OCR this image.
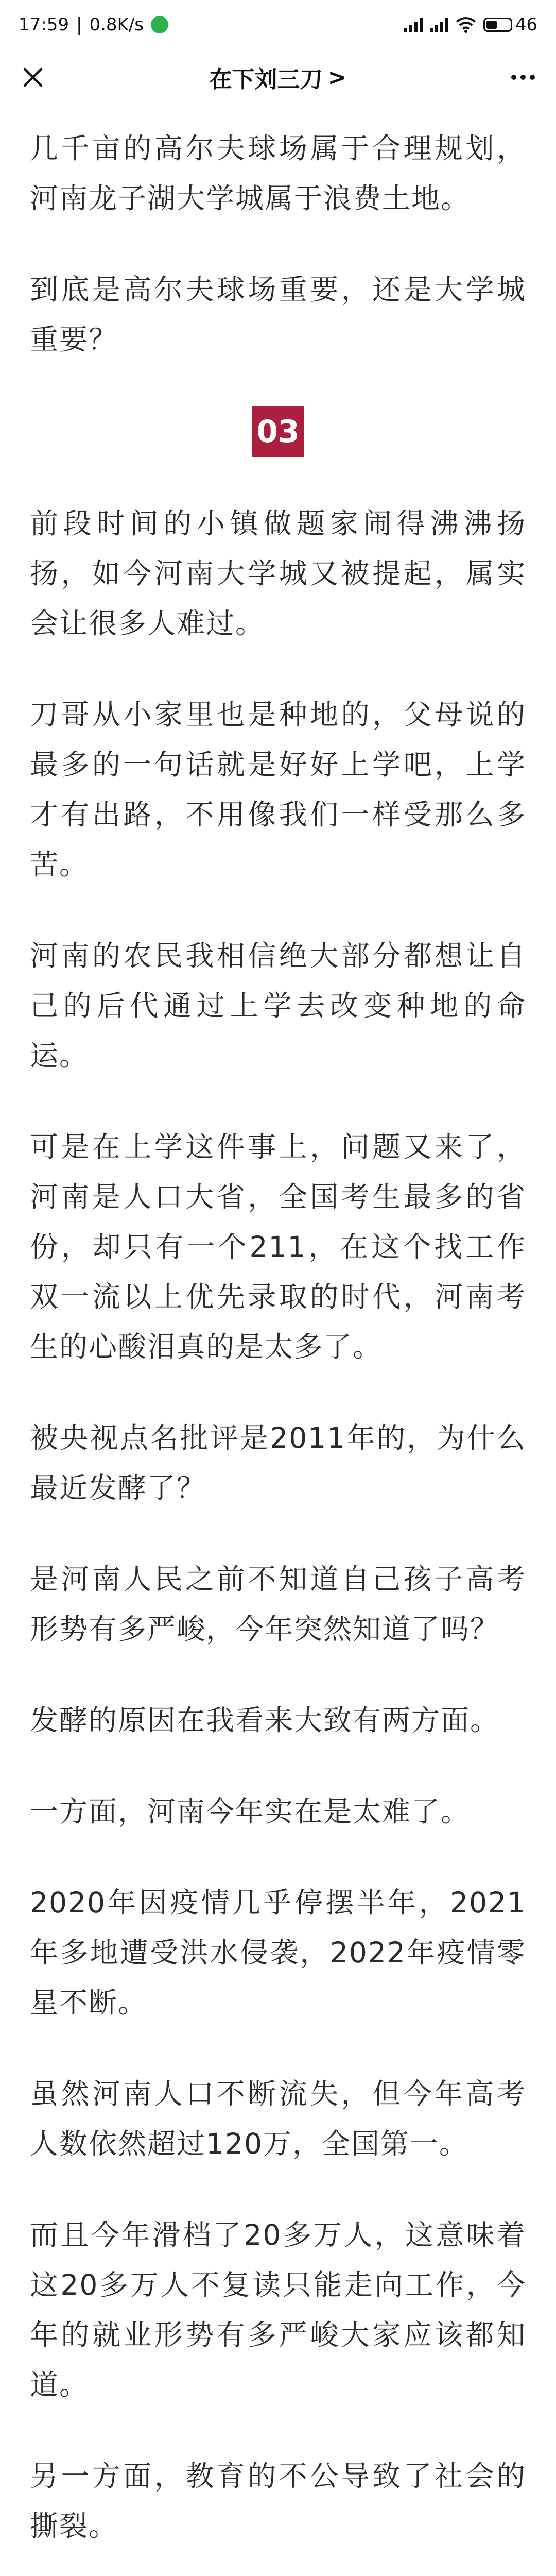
17:59 | 0.8K/s	46
在下刘三刀 >

几千亩的高尔夫球场属于合理规划，河南龙子湖大学城属于浪费土地。

到底是高尔夫球场重要，还是大学城重要？

03

前段时间的小镇做题家闹得沸沸扬扬，如今河南大学城又被提起，属实会让很多人难过。

刀哥从小家里也是种地的，父母说的最多的一句话就是好好上学吧，上学才有出路，不用像我们一样受那么多苦。

河南的农民我相信绝大部分都想让自己的后代通过上学去改变种地的命运。

可是在上学这件事上，问题又来了，河南是人口大省，全国考生最多的省份，却只有一个211，在这个找工作双一流以上优先录取的时代，河南考生的心酸泪真的是太多了。

被央视点名批评是2011年的，为什么最近发酵了？

是河南人民之前不知道自己孩子高考形势有多严峻，今年突然知道了吗？

发酵的原因在我看来大致有两方面。

一方面，河南今年实在是太难了。

2020年因疫情几乎停摆半年，2021年多地遭受洪水侵袭，2022年疫情零星不断。

虽然河南人口不断流失，但今年高考人数依然超过120万，全国第一。

而且今年滑档了20多万人，这意味着这20多万人不复读只能走向工作，今年的就业形势有多严峻大家应该都知道。

另一方面，教育的不公导致了社会的撕裂。
